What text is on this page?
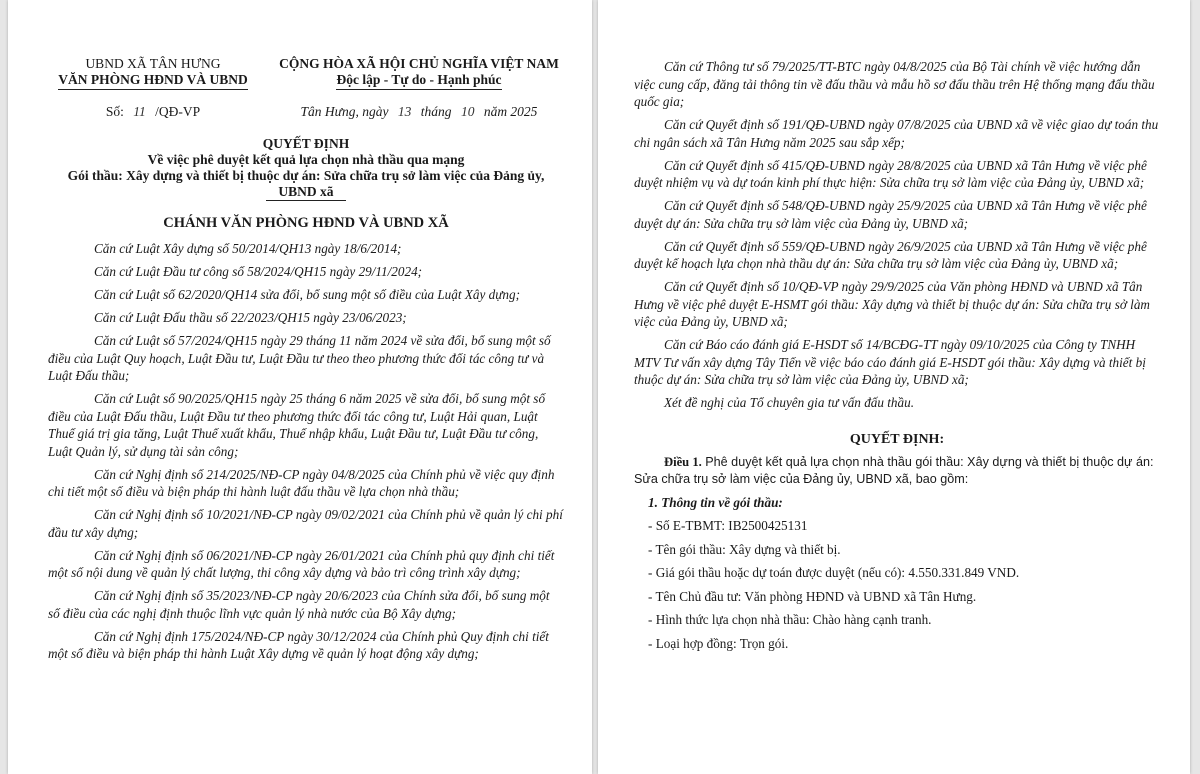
UBND XÃ TÂN HƯNG
VĂN PHÒNG HĐND VÀ UBND
CỘNG HÒA XÃ HỘI CHỦ NGHĨA VIỆT NAM
Độc lập - Tự do - Hạnh phúc
Số: 11 /QĐ-VP	Tân Hưng, ngày 13 tháng 10 năm 2025
QUYẾT ĐỊNH
Về việc phê duyệt kết quả lựa chọn nhà thầu qua mạng
Gói thầu: Xây dựng và thiết bị thuộc dự án: Sửa chữa trụ sở làm việc của Đảng ủy,
UBND xã
CHÁNH VĂN PHÒNG HĐND VÀ UBND XÃ

Căn cứ Luật Xây dựng số 50/2014/QH13 ngày 18/6/2014;

Căn cứ Luật Đầu tư công số 58/2024/QH15 ngày 29/11/2024;

Căn cứ Luật số 62/2020/QH14 sửa đổi, bổ sung một số điều của Luật Xây dựng;

Căn cứ Luật Đấu thầu số 22/2023/QH15 ngày 23/06/2023;

Căn cứ Luật số 57/2024/QH15 ngày 29 tháng 11 năm 2024 về sửa đổi, bổ sung một số điều của Luật Quy hoạch, Luật Đầu tư, Luật Đầu tư theo theo phương thức đối tác công tư và Luật Đấu thầu;

Căn cứ Luật số 90/2025/QH15 ngày 25 tháng 6 năm 2025 về sửa đổi, bổ sung một số điều của Luật Đấu thầu, Luật Đầu tư theo phương thức đối tác công tư, Luật Hải quan, Luật Thuế giá trị gia tăng, Luật Thuế xuất khẩu, Thuế nhập khẩu, Luật Đầu tư, Luật Đầu tư công, Luật Quản lý, sử dụng tài sản công;

Căn cứ Nghị định số 214/2025/NĐ-CP ngày 04/8/2025 của Chính phủ về việc quy định chi tiết một số điều và biện pháp thi hành luật đấu thầu về lựa chọn nhà thầu;

Căn cứ Nghị định số 10/2021/NĐ-CP ngày 09/02/2021 của Chính phủ về quản lý chi phí đầu tư xây dựng;

Căn cứ Nghị định số 06/2021/NĐ-CP ngày 26/01/2021 của Chính phủ quy định chi tiết một số nội dung về quản lý chất lượng, thi công xây dựng và bảo trì công trình xây dựng;

Căn cứ Nghị định số 35/2023/NĐ-CP ngày 20/6/2023 của Chính sửa đổi, bổ sung một số điều của các nghị định thuộc lĩnh vực quản lý nhà nước của Bộ Xây dựng;

Căn cứ Nghị định 175/2024/NĐ-CP ngày 30/12/2024 của Chính phủ Quy định chi tiết một số điều và biện pháp thi hành Luật Xây dựng về quản lý hoạt động xây dựng;

Căn cứ Thông tư số 79/2025/TT-BTC ngày 04/8/2025 của Bộ Tài chính về việc hướng dẫn việc cung cấp, đăng tải thông tin về đấu thầu và mẫu hồ sơ đấu thầu trên Hệ thống mạng đấu thầu quốc gia;

Căn cứ Quyết định số 191/QĐ-UBND ngày 07/8/2025 của UBND xã về việc giao dự toán thu chi ngân sách xã Tân Hưng năm 2025 sau sắp xếp;

Căn cứ Quyết định số 415/QĐ-UBND ngày 28/8/2025 của UBND xã Tân Hưng về việc phê duyệt nhiệm vụ và dự toán kinh phí thực hiện: Sửa chữa trụ sở làm việc của Đảng ủy, UBND xã;

Căn cứ Quyết định số 548/QĐ-UBND ngày 25/9/2025 của UBND xã Tân Hưng về việc phê duyệt dự án: Sửa chữa trụ sở làm việc của Đảng ủy, UBND xã;

Căn cứ Quyết định số 559/QĐ-UBND ngày 26/9/2025 của UBND xã Tân Hưng về việc phê duyệt kế hoạch lựa chọn nhà thầu dự án: Sửa chữa trụ sở làm việc của Đảng ủy, UBND xã;

Căn cứ Quyết định số 10/QĐ-VP ngày 29/9/2025 của Văn phòng HĐND và UBND xã Tân Hưng về việc phê duyệt E-HSMT gói thầu: Xây dựng và thiết bị thuộc dự án: Sửa chữa trụ sở làm việc của Đảng ủy, UBND xã;

Căn cứ Báo cáo đánh giá E-HSDT số 14/BCĐG-TT ngày 09/10/2025 của Công ty TNHH MTV Tư vấn xây dựng Tây Tiến về việc báo cáo đánh giá E-HSDT gói thầu: Xây dựng và thiết bị thuộc dự án: Sửa chữa trụ sở làm việc của Đảng ủy, UBND xã;

Xét đề nghị của Tổ chuyên gia tư vấn đấu thầu.

QUYẾT ĐỊNH:

Điều 1. Phê duyệt kết quả lựa chọn nhà thầu gói thầu: Xây dựng và thiết bị thuộc dự án: Sửa chữa trụ sở làm việc của Đảng ủy, UBND xã, bao gồm:

1. Thông tin về gói thầu:

- Số E-TBMT: IB2500425131

- Tên gói thầu: Xây dựng và thiết bị.

- Giá gói thầu hoặc dự toán được duyệt (nếu có): 4.550.331.849 VND.

- Tên Chủ đầu tư: Văn phòng HĐND và UBND xã Tân Hưng.

- Hình thức lựa chọn nhà thầu: Chào hàng cạnh tranh.

- Loại hợp đồng: Trọn gói.
